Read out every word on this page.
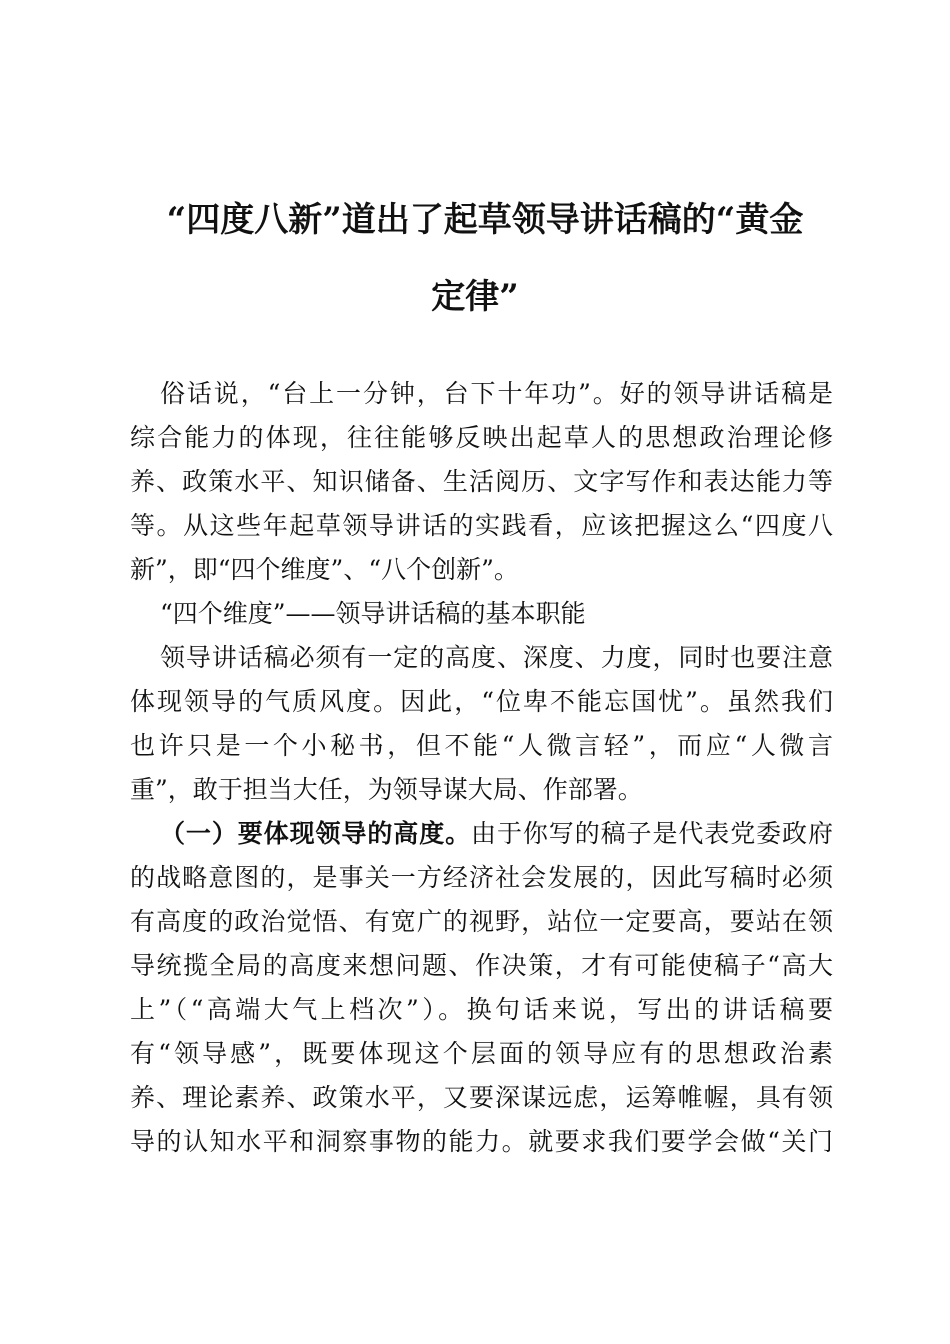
“四度八新”道出了起草领导讲话稿的“黄金
定律”
俗话说，“台上一分钟，台下十年功”。好的领导讲话稿是
综合能力的体现，往往能够反映出起草人的思想政治理论修
养、政策水平、知识储备、生活阅历、文字写作和表达能力等
等。从这些年起草领导讲话的实践看，应该把握这么“四度八
新”，即“四个维度”、“八个创新”。
“四个维度”——领导讲话稿的基本职能
领导讲话稿必须有一定的高度、深度、力度，同时也要注意
体现领导的气质风度。因此，“位卑不能忘国忧”。虽然我们
也许只是一个小秘书，但不能“人微言轻”，而应“人微言
重”，敢于担当大任，为领导谋大局、作部署。
（一）要体现领导的高度。由于你写的稿子是代表党委政府
的战略意图的，是事关一方经济社会发展的，因此写稿时必须
有高度的政治觉悟、有宽广的视野，站位一定要高，要站在领
导统揽全局的高度来想问题、作决策，才有可能使稿子“高大
上”（“高端大气上档次”）。换句话来说，写出的讲话稿要
有“领导感”，既要体现这个层面的领导应有的思想政治素
养、理论素养、政策水平，又要深谋远虑，运筹帷幄，具有领
导的认知水平和洞察事物的能力。就要求我们要学会做“关门
